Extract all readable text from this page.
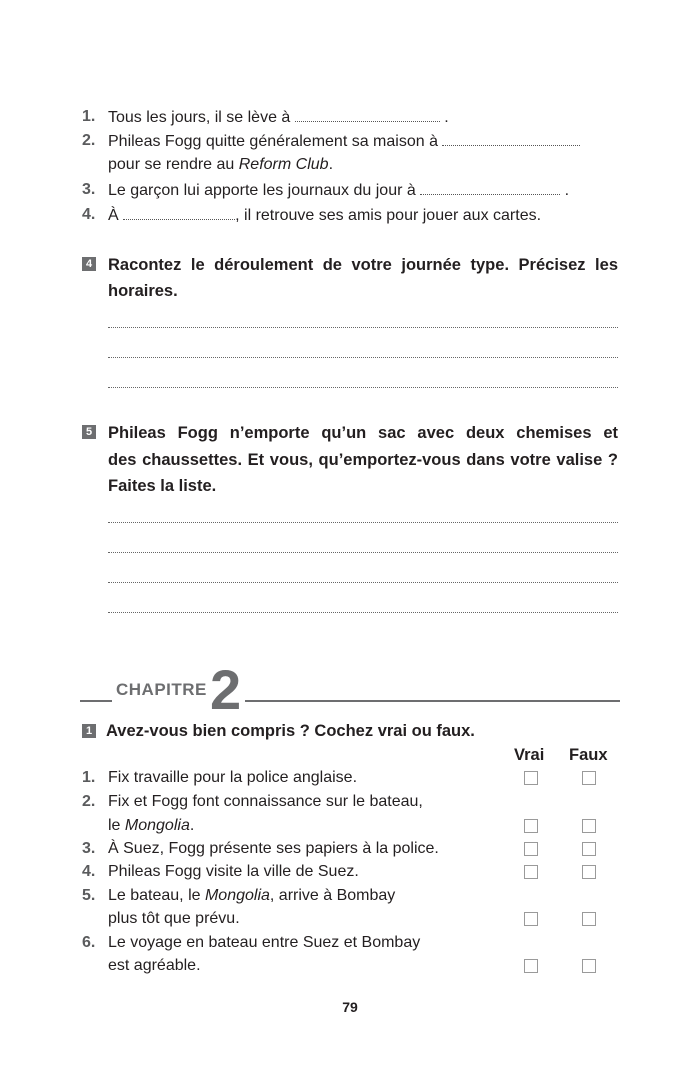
1. Tous les jours, il se lève à	.
2. Phileas Fogg quitte généralement sa maison à
pour se rendre au Reform Club.
3. Le garçon lui apporte les journaux du jour à	.
4. À	, il retrouve ses amis pour jouer aux cartes.
4 Racontez le déroulement de votre journée type. Précisez les
horaires.
5 Phileas Fogg n’emporte qu’un sac avec deux chemises et
des chaussettes. Et vous, qu’emportez-vous dans votre valise ?
Faites la liste.
CHAPITRE 2
1 Avez-vous bien compris ? Cochez vrai ou faux.
Vrai Faux
1. Fix travaille pour la police anglaise.
2. Fix et Fogg font connaissance sur le bateau,
le Mongolia.
3. À Suez, Fogg présente ses papiers à la police.
4. Phileas Fogg visite la ville de Suez.
5. Le bateau, le Mongolia, arrive à Bombay
plus tôt que prévu.
6. Le voyage en bateau entre Suez et Bombay
est agréable.
79
